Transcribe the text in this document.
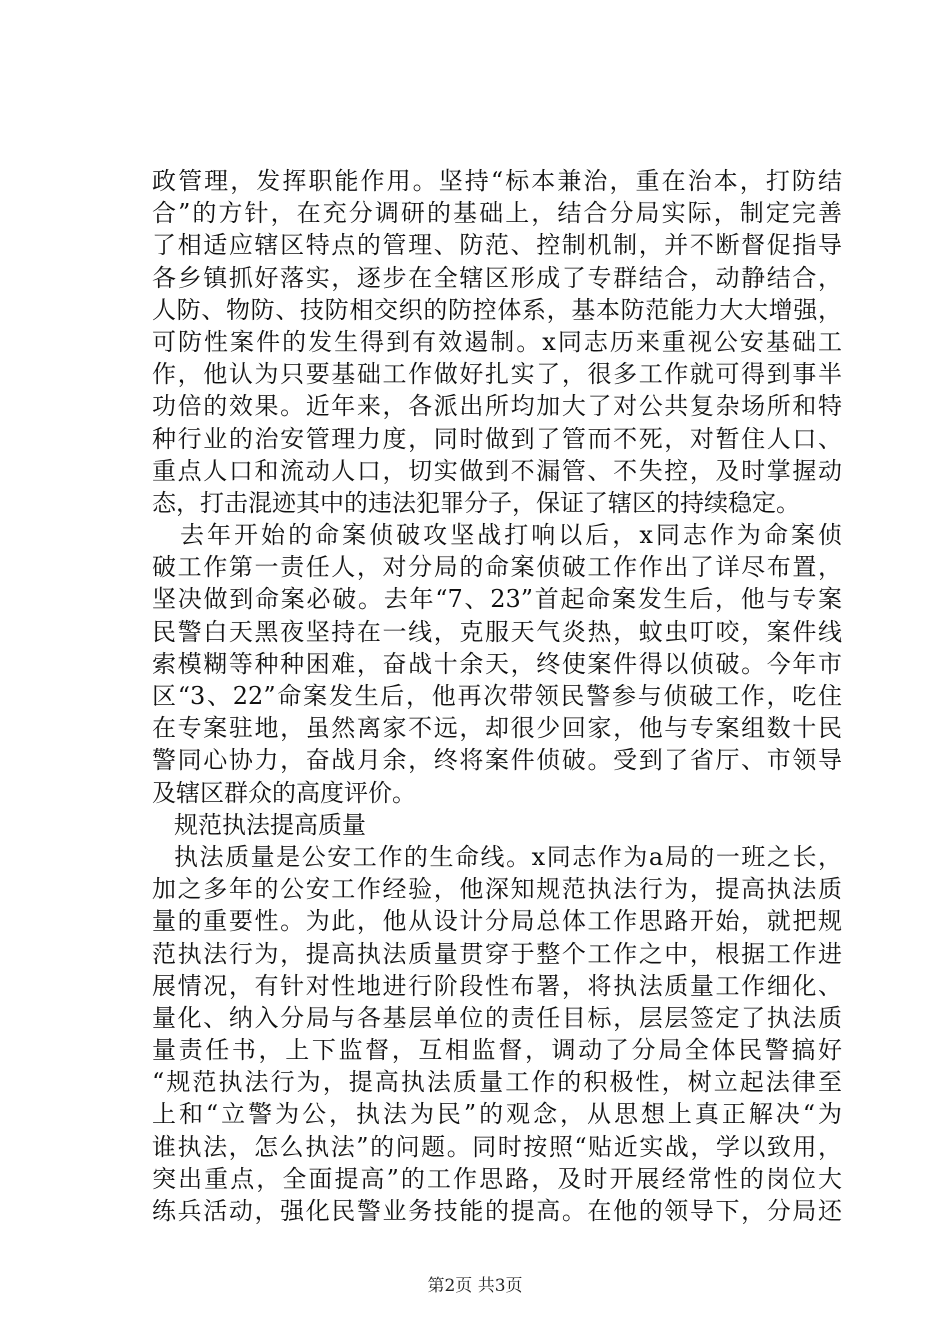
政管理，发挥职能作用。坚持“标本兼治，重在治本，打防结
合”的方针，在充分调研的基础上，结合分局实际，制定完善
了相适应辖区特点的管理、防范、控制机制，并不断督促指导
各乡镇抓好落实，逐步在全辖区形成了专群结合，动静结合，
人防、物防、技防相交织的防控体系，基本防范能力大大增强，
可防性案件的发生得到有效遏制。x同志历来重视公安基础工
作，他认为只要基础工作做好扎实了，很多工作就可得到事半
功倍的效果。近年来，各派出所均加大了对公共复杂场所和特
种行业的治安管理力度，同时做到了管而不死，对暂住人口、
重点人口和流动人口，切实做到不漏管、不失控，及时掌握动
态，打击混迹其中的违法犯罪分子，保证了辖区的持续稳定。
去年开始的命案侦破攻坚战打响以后，x同志作为命案侦
破工作第一责任人，对分局的命案侦破工作作出了详尽布置，
坚决做到命案必破。去年“7、23”首起命案发生后，他与专案
民警白天黑夜坚持在一线，克服天气炎热，蚊虫叮咬，案件线
索模糊等种种困难，奋战十余天，终使案件得以侦破。今年市
区“3、22”命案发生后，他再次带领民警参与侦破工作，吃住
在专案驻地，虽然离家不远，却很少回家，他与专案组数十民
警同心协力，奋战月余，终将案件侦破。受到了省厅、市领导
及辖区群众的高度评价。
规范执法提高质量
执法质量是公安工作的生命线。x同志作为a局的一班之长，
加之多年的公安工作经验，他深知规范执法行为，提高执法质
量的重要性。为此，他从设计分局总体工作思路开始，就把规
范执法行为，提高执法质量贯穿于整个工作之中，根据工作进
展情况，有针对性地进行阶段性布署，将执法质量工作细化、
量化、纳入分局与各基层单位的责任目标，层层签定了执法质
量责任书，上下监督，互相监督，调动了分局全体民警搞好
“规范执法行为，提高执法质量工作的积极性，树立起法律至
上和“立警为公，执法为民”的观念，从思想上真正解决“为
谁执法，怎么执法”的问题。同时按照“贴近实战，学以致用，
突出重点，全面提高”的工作思路，及时开展经常性的岗位大
练兵活动，强化民警业务技能的提高。在他的领导下，分局还
第2页 共3页
